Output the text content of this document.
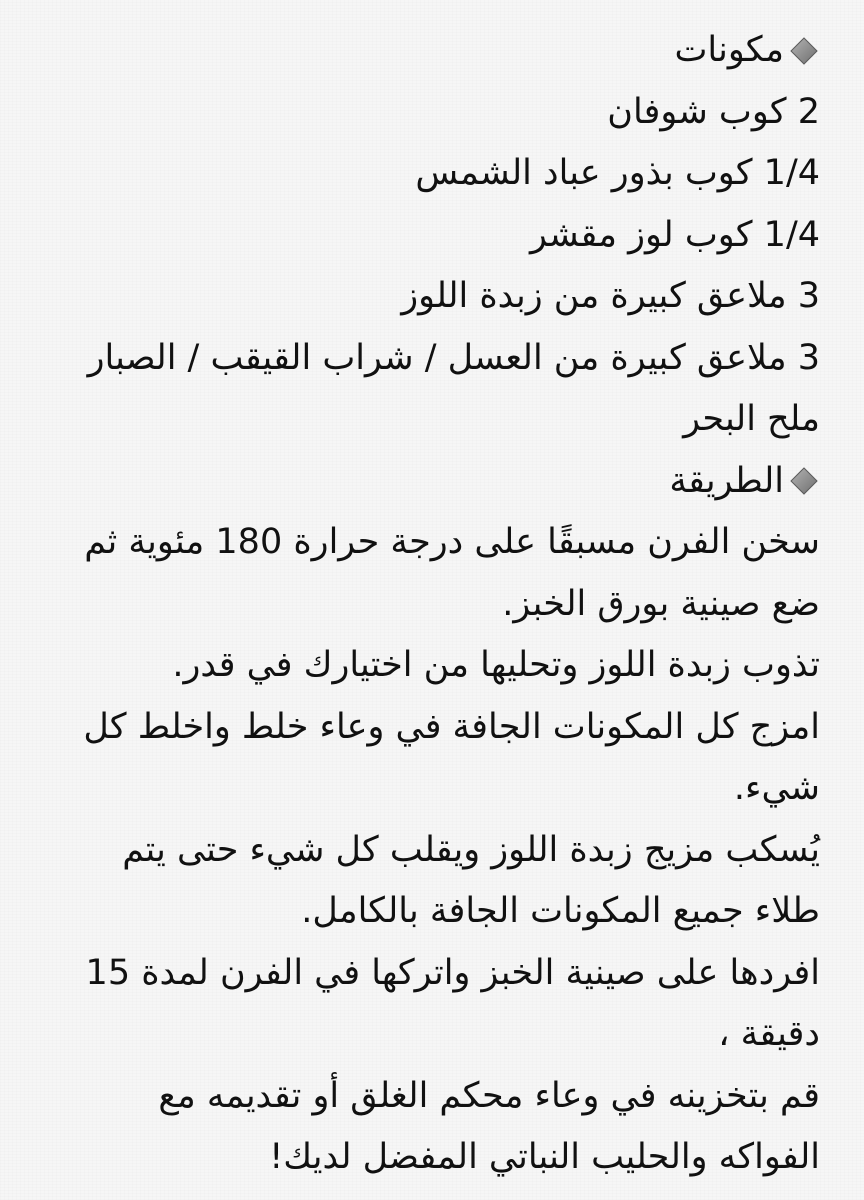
مكونات
2 كوب شوفان
1/4 كوب بذور عباد الشمس
1/4 كوب لوز مقشر
3 ملاعق كبيرة من زبدة اللوز
3 ملاعق كبيرة من العسل / شراب القيقب / الصبار
ملح البحر
الطريقة
سخن الفرن مسبقًا على درجة حرارة 180 مئوية ثم
ضع صينية بورق الخبز.
تذوب زبدة اللوز وتحليها من اختيارك في قدر.
امزج كل المكونات الجافة في وعاء خلط واخلط كل
شيء.
يُسكب مزيج زبدة اللوز ويقلب كل شيء حتى يتم
طلاء جميع المكونات الجافة بالكامل.
افردها على صينية الخبز واتركها في الفرن لمدة 15
دقيقة ،
قم بتخزينه في وعاء محكم الغلق أو تقديمه مع
الفواكه والحليب النباتي المفضل لديك!
